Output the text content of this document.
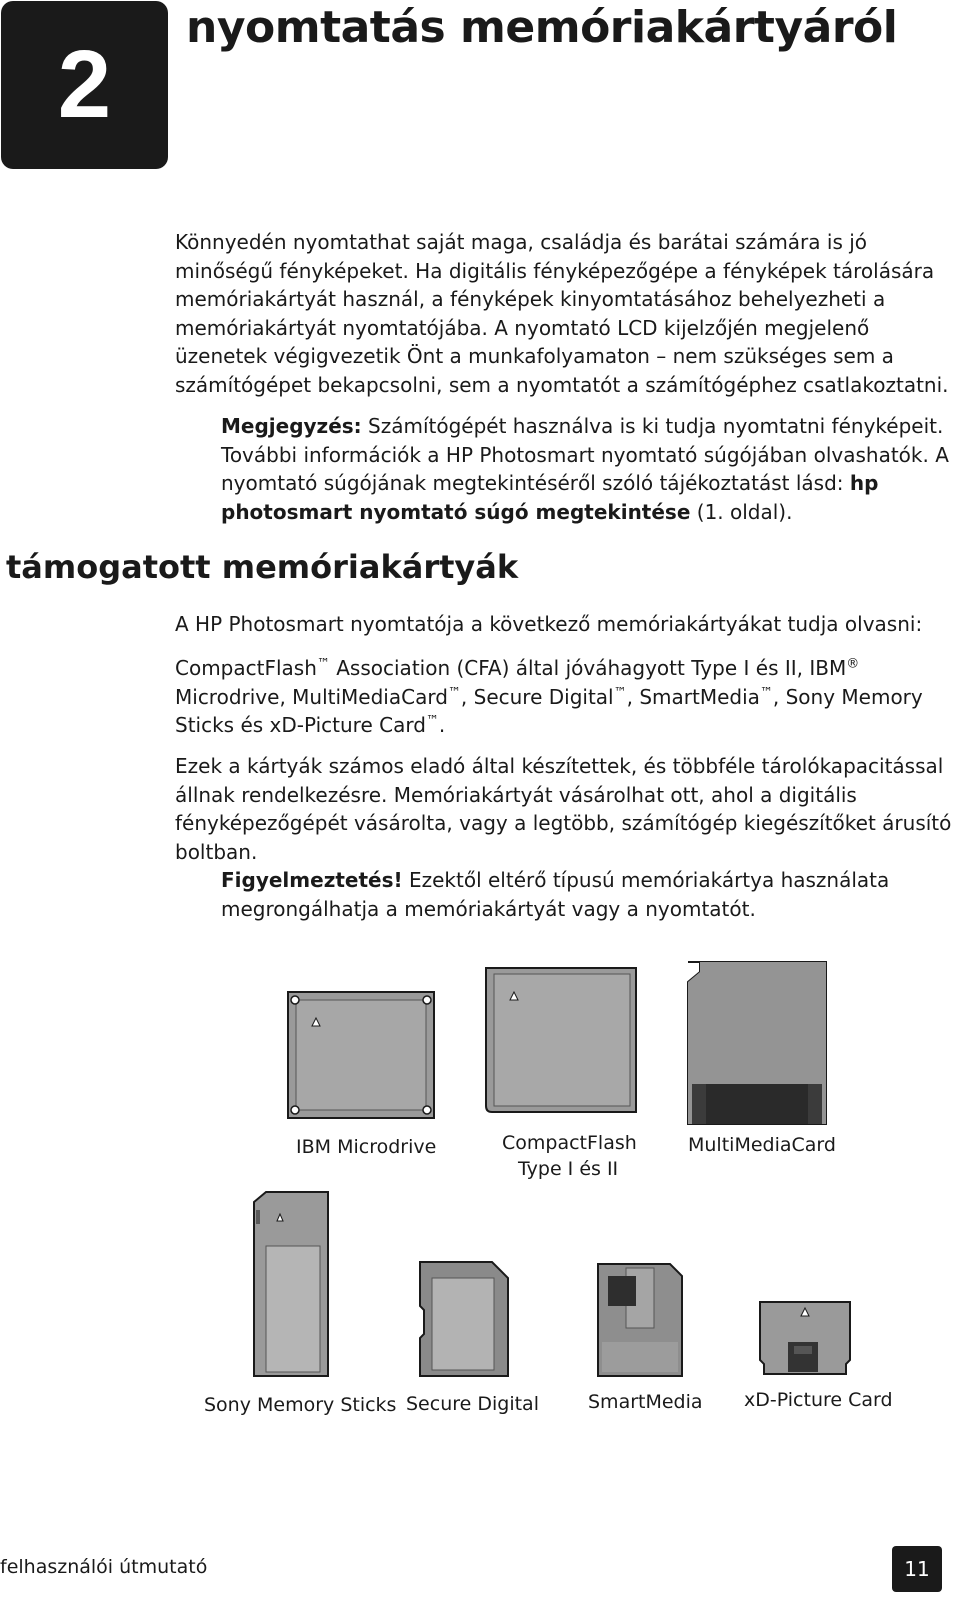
2
nyomtatás memóriakártyáról

Könnyedén nyomtathat saját maga, családja és barátai számára is jó minőségű fényképeket. Ha digitális fényképezőgépe a fényképek tárolására memóriakártyát használ, a fényképek kinyomtatásához behelyezheti a memóriakártyát nyomtatójába. A nyomtató LCD kijelzőjén megjelenő üzenetek végigvezetik Önt a munkafolyamaton – nem szükséges sem a számítógépet bekapcsolni, sem a nyomtatót a számítógéphez csatlakoztatni.

Megjegyzés: Számítógépét használva is ki tudja nyomtatni fényképeit. További információk a HP Photosmart nyomtató súgójában olvashatók. A nyomtató súgójának megtekintéséről szóló tájékoztatást lásd: hp photosmart nyomtató súgó megtekintése (1. oldal).

támogatott memóriakártyák

A HP Photosmart nyomtatója a következő memóriakártyákat tudja olvasni:

CompactFlash™ Association (CFA) által jóváhagyott Type I és II, IBM®
Microdrive, MultiMediaCard™, Secure Digital™, SmartMedia™, Sony Memory Sticks és xD-Picture Card™.

Ezek a kártyák számos eladó által készítettek, és többféle tárolókapacitással állnak rendelkezésre. Memóriakártyát vásárolhat ott, ahol a digitális fényképezőgépét vásárolta, vagy a legtöbb, számítógép kiegészítőket árusító boltban.

Figyelmeztetés! Ezektől eltérő típusú memóriakártya használata megrongálhatja a memóriakártyát vagy a nyomtatót.

IBM Microdrive	CompactFlash

Type I és II

MultiMediaCard

Sony Memory Sticks Secure Digital	SmartMedia xD-Picture Card

felhasználói útmutató	11
